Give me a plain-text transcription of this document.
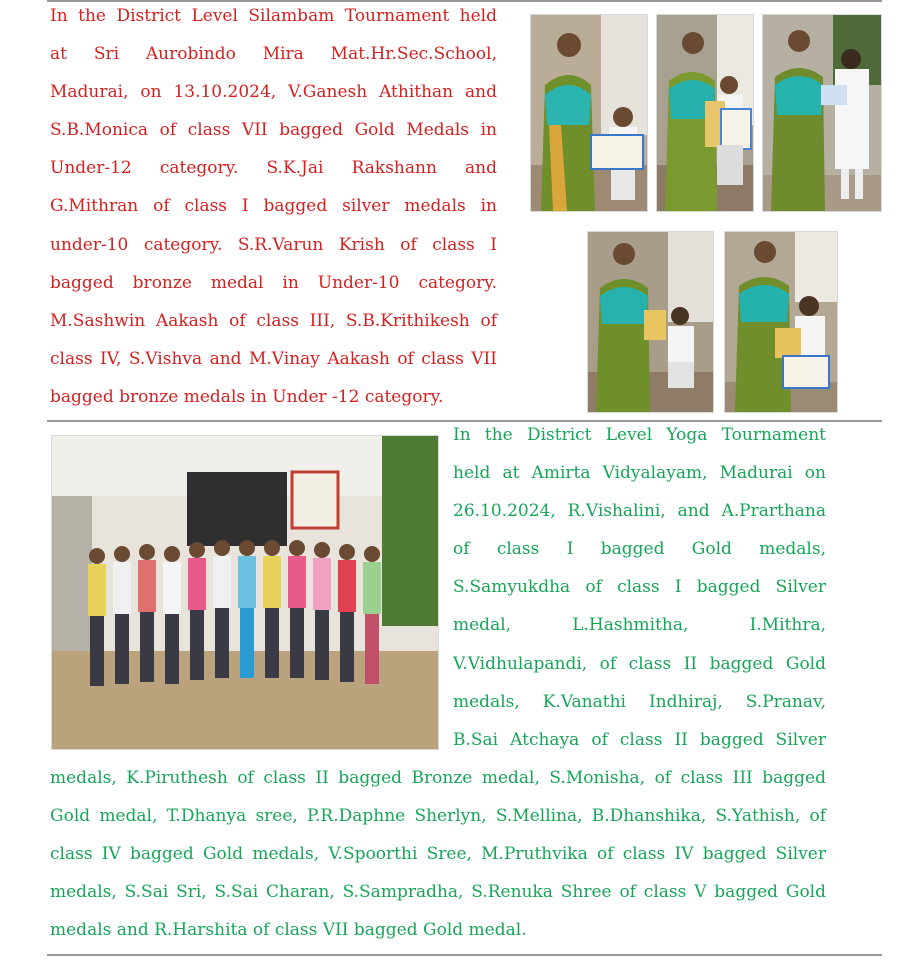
In the District Level Silambam Tournament held
at Sri Aurobindo Mira Mat.Hr.Sec.School,
Madurai, on 13.10.2024, V.Ganesh Athithan and
S.B.Monica of class VII bagged Gold Medals in
Under-12 category. S.K.Jai Rakshann and
G.Mithran of class I bagged silver medals in
under-10 category. S.R.Varun Krish of class I
bagged bronze medal in Under-10 category.
M.Sashwin Aakash of class III, S.B.Krithikesh of
class IV, S.Vishva and M.Vinay Aakash of class VII
bagged bronze medals in Under -12 category.

In the District Level Yoga Tournament
held at Amirta Vidyalayam, Madurai on
26.10.2024, R.Vishalini, and A.Prarthana
of class I bagged Gold medals,
S.Samyukdha of class I bagged Silver
medal, L.Hashmitha, I.Mithra,
V.Vidhulapandi, of class II bagged Gold
medals, K.Vanathi Indhiraj, S.Pranav,
B.Sai Atchaya of class II bagged Silver
medals, K.Piruthesh of class II bagged Bronze medal, S.Monisha, of class III bagged
Gold medal, T.Dhanya sree, P.R.Daphne Sherlyn, S.Mellina, B.Dhanshika, S.Yathish, of
class IV bagged Gold medals, V.Spoorthi Sree, M.Pruthvika of class IV bagged Silver
medals, S.Sai Sri, S.Sai Charan, S.Sampradha, S.Renuka Shree of class V bagged Gold
medals and R.Harshita of class VII bagged Gold medal.
